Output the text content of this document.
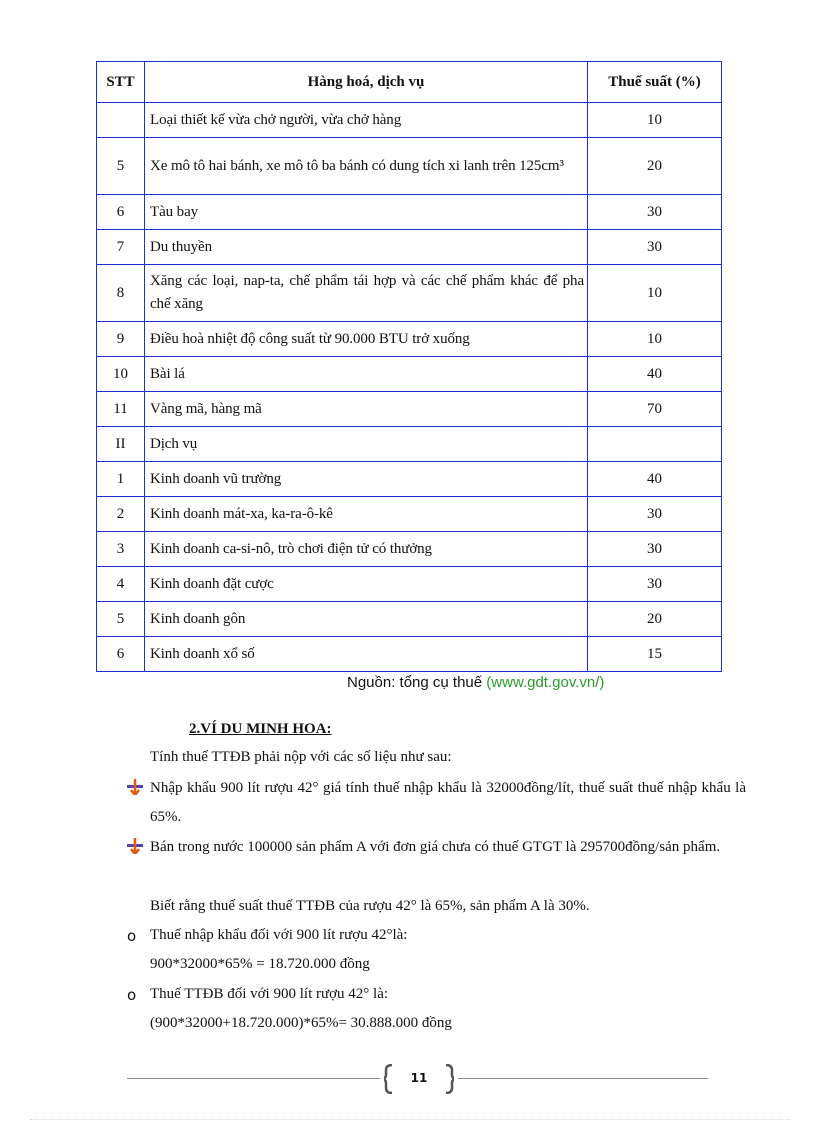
STT	Hàng hoá, dịch vụ	Thuế suất (%)
	Loại thiết kế vừa chở người, vừa chở hàng	10
5	Xe mô tô hai bánh, xe mô tô ba bánh có dung tích xi lanh trên 125cm³	20
6	Tàu bay	30
7	Du thuyền	30
8	Xăng các loại, nap-ta, chế phẩm tái hợp và các chế phẩm khác để pha chế xăng	10
9	Điều hoà nhiệt độ công suất từ 90.000 BTU trở xuống	10
10	Bài lá	40
11	Vàng mã, hàng mã	70
II	Dịch vụ	
1	Kinh doanh vũ trường	40
2	Kinh doanh mát-xa, ka-ra-ô-kê	30
3	Kinh doanh ca-si-nô, trò chơi điện tử có thưởng	30
4	Kinh doanh đặt cược	30
5	Kinh doanh gôn	20
6	Kinh doanh xổ số	15
Nguồn: tổng cụ thuế (www.gdt.gov.vn/)
2.VÍ DU MINH HOA:
Tính thuế TTĐB phải nộp với các số liệu như sau:
Nhập khẩu 900 lít rượu 42° giá tính thuế nhập khẩu là 32000đồng/lít, thuế suất thuế nhập khẩu là 65%.
Bán trong nước 100000 sản phẩm A với đơn giá chưa có thuế GTGT là 295700đồng/sản phẩm.
Biết rằng thuế suất thuế TTĐB của rượu 42° là 65%, sản phẩm A là 30%.
o Thuế nhập khẩu đối với 900 lít rượu 42°là:
900*32000*65% = 18.720.000 đồng
o Thuế TTĐB đối với 900 lít rượu 42° là:
(900*32000+18.720.000)*65%= 30.888.000 đồng
11
